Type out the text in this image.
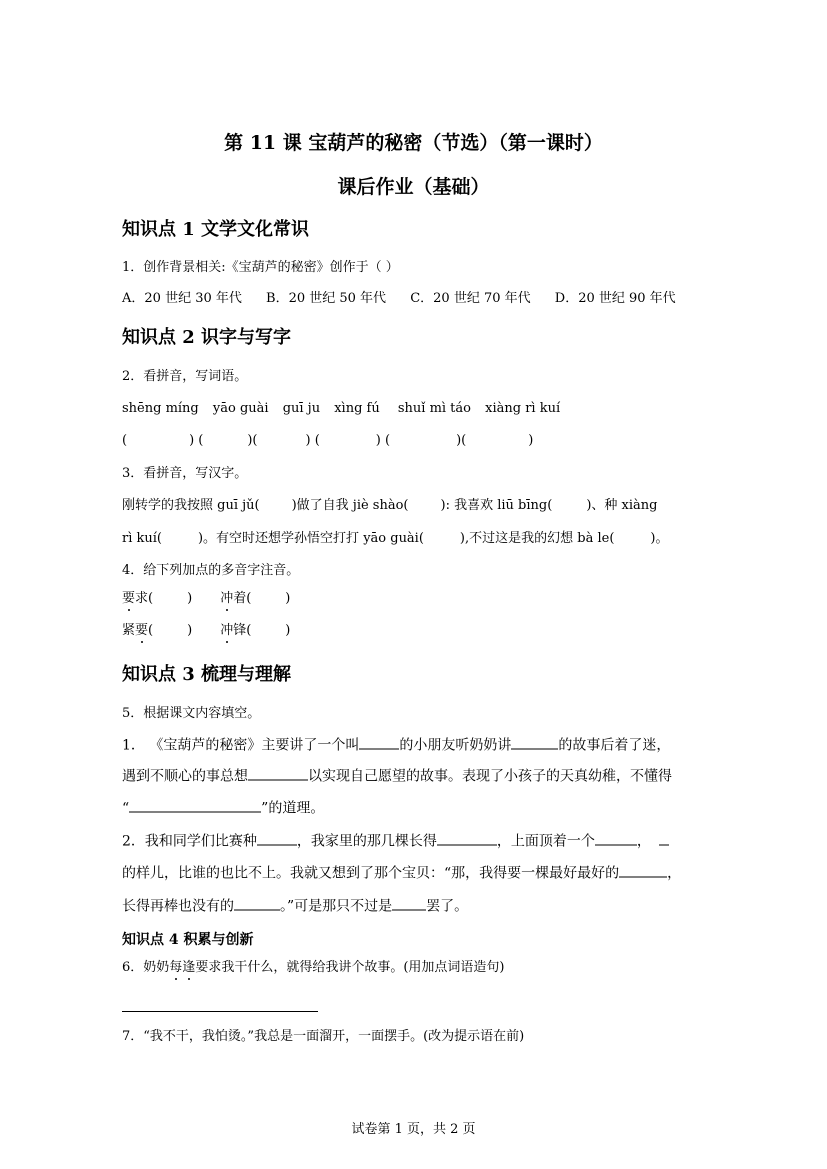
第 11 课 宝葫芦的秘密（节选）（第一课时）
课后作业（基础）
知识点 1 文学文化常识
1．创作背景相关:《宝葫芦的秘密》创作于（ ）
A．20 世纪 30 年代 B．20 世纪 50 年代 C．20 世纪 70 年代 D．20 世纪 90 年代
知识点 2 识字与写字
2．看拼音，写词语。
shēng míng yāo guài guī ju xìng fú shuǐ mì táo xiàng rì kuí
(	) (	)(	) (	) (	)(	)
3．看拼音，写汉字。
刚转学的我按照 guī jǔ( )做了自我 jiè shào( ): 我喜欢 liū bīng(	)、种 xiàng
rì kuí(	)。有空时还想学孙悟空打打 yāo guài(	),不过这是我的幻想 bà le(	)。
4．给下列加点的多音字注音。
要求(	) 冲着(	)
紧要(	) 冲锋(	)
知识点 3 梳理与理解
5．根据课文内容填空。
1． 《宝葫芦的秘密》主要讲了一个叫	的小朋友听奶奶讲	的故事后着了迷，
遇到不顺心的事总想	以实现自己愿望的故事。表现了小孩子的天真幼稚，不懂得
“	”的道理。
2．我和同学们比赛种	，我家里的那几棵长得	，上面顶着一个	，
的样儿，比谁的也比不上。我就又想到了那个宝贝：“那，我得要一棵最好最好的	，
长得再棒也没有的	。”可是那只不过是 罢了。
知识点 4 积累与创新
6．奶奶每逢要求我干什么，就得给我讲个故事。(用加点词语造句)
7．“我不干，我怕烫。”我总是一面溜开，一面摆手。(改为提示语在前)
试卷第 1 页，共 2 页
